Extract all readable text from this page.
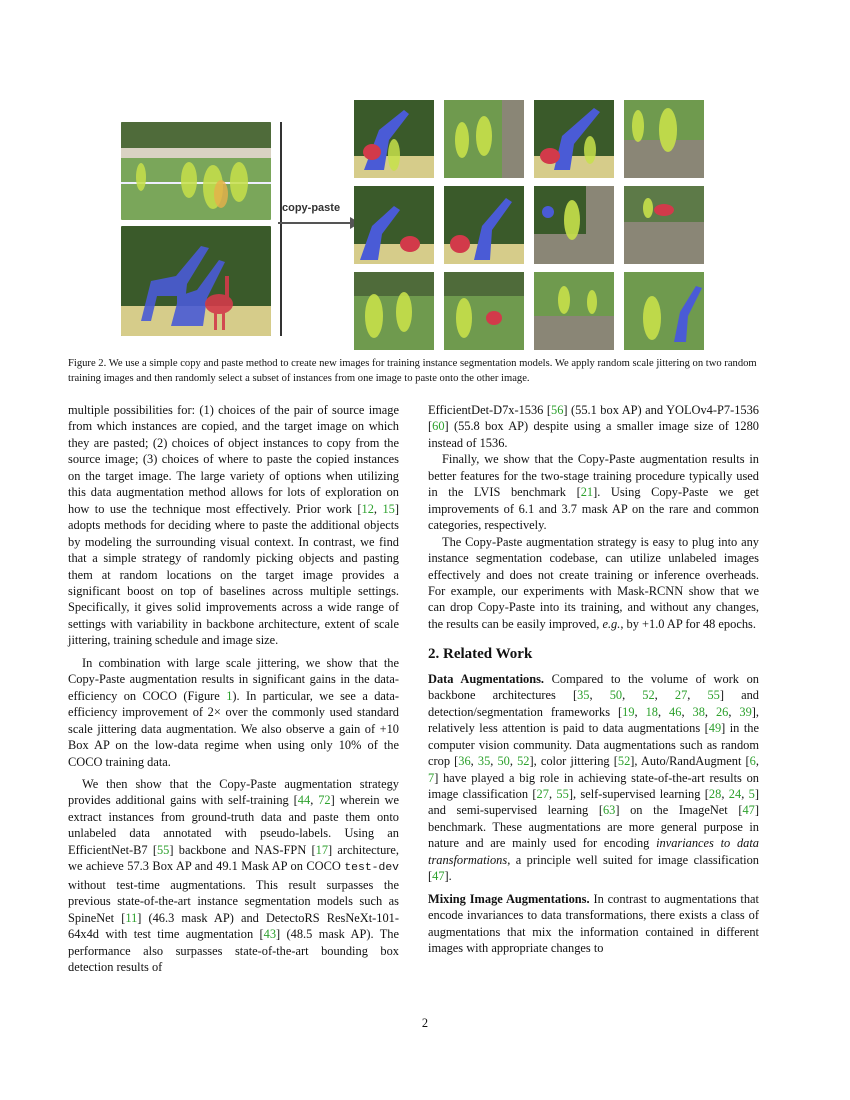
copy-paste
Figure 2. We use a simple copy and paste method to create new images for training instance segmentation models. We apply random scale jittering on two random training images and then randomly select a subset of instances from one image to paste onto the other image.

multiple possibilities for: (1) choices of the pair of source image from which instances are copied, and the target image on which they are pasted; (2) choices of object instances to copy from the source image; (3) choices of where to paste the copied instances on the target image. The large variety of options when utilizing this data augmentation method allows for lots of exploration on how to use the technique most effectively. Prior work [12, 15] adopts methods for deciding where to paste the additional objects by modeling the surrounding visual context. In contrast, we find that a simple strategy of randomly picking objects and pasting them at random locations on the target image provides a significant boost on top of baselines across multiple settings. Specifically, it gives solid improvements across a wide range of settings with variability in backbone architecture, extent of scale jittering, training schedule and image size.

In combination with large scale jittering, we show that the Copy-Paste augmentation results in significant gains in the data-efficiency on COCO (Figure 1). In particular, we see a data-efficiency improvement of 2× over the commonly used standard scale jittering data augmentation. We also observe a gain of +10 Box AP on the low-data regime when using only 10% of the COCO training data.

We then show that the Copy-Paste augmentation strategy provides additional gains with self-training [44, 72] wherein we extract instances from ground-truth data and paste them onto unlabeled data annotated with pseudo-labels. Using an EfficientNet-B7 [55] backbone and NAS-FPN [17] architecture, we achieve 57.3 Box AP and 49.1 Mask AP on COCO test-dev without test-time augmentations. This result surpasses the previous state-of-the-art instance segmentation models such as SpineNet [11] (46.3 mask AP) and DetectoRS ResNeXt-101-64x4d with test time augmentation [43] (48.5 mask AP). The performance also surpasses state-of-the-art bounding box detection results of

EfficientDet-D7x-1536 [56] (55.1 box AP) and YOLOv4-P7-1536 [60] (55.8 box AP) despite using a smaller image size of 1280 instead of 1536.

Finally, we show that the Copy-Paste augmentation results in better features for the two-stage training procedure typically used in the LVIS benchmark [21]. Using Copy-Paste we get improvements of 6.1 and 3.7 mask AP on the rare and common categories, respectively.

The Copy-Paste augmentation strategy is easy to plug into any instance segmentation codebase, can utilize unlabeled images effectively and does not create training or inference overheads. For example, our experiments with Mask-RCNN show that we can drop Copy-Paste into its training, and without any changes, the results can be easily improved, e.g., by +1.0 AP for 48 epochs.

2. Related Work

Data Augmentations. Compared to the volume of work on backbone architectures [35, 50, 52, 27, 55] and detection/segmentation frameworks [19, 18, 46, 38, 26, 39], relatively less attention is paid to data augmentations [49] in the computer vision community. Data augmentations such as random crop [36, 35, 50, 52], color jittering [52], Auto/RandAugment [6, 7] have played a big role in achieving state-of-the-art results on image classification [27, 55], self-supervised learning [28, 24, 5] and semi-supervised learning [63] on the ImageNet [47] benchmark. These augmentations are more general purpose in nature and are mainly used for encoding invariances to data transformations, a principle well suited for image classification [47].

Mixing Image Augmentations. In contrast to augmentations that encode invariances to data transformations, there exists a class of augmentations that mix the information contained in different images with appropriate changes to

2
